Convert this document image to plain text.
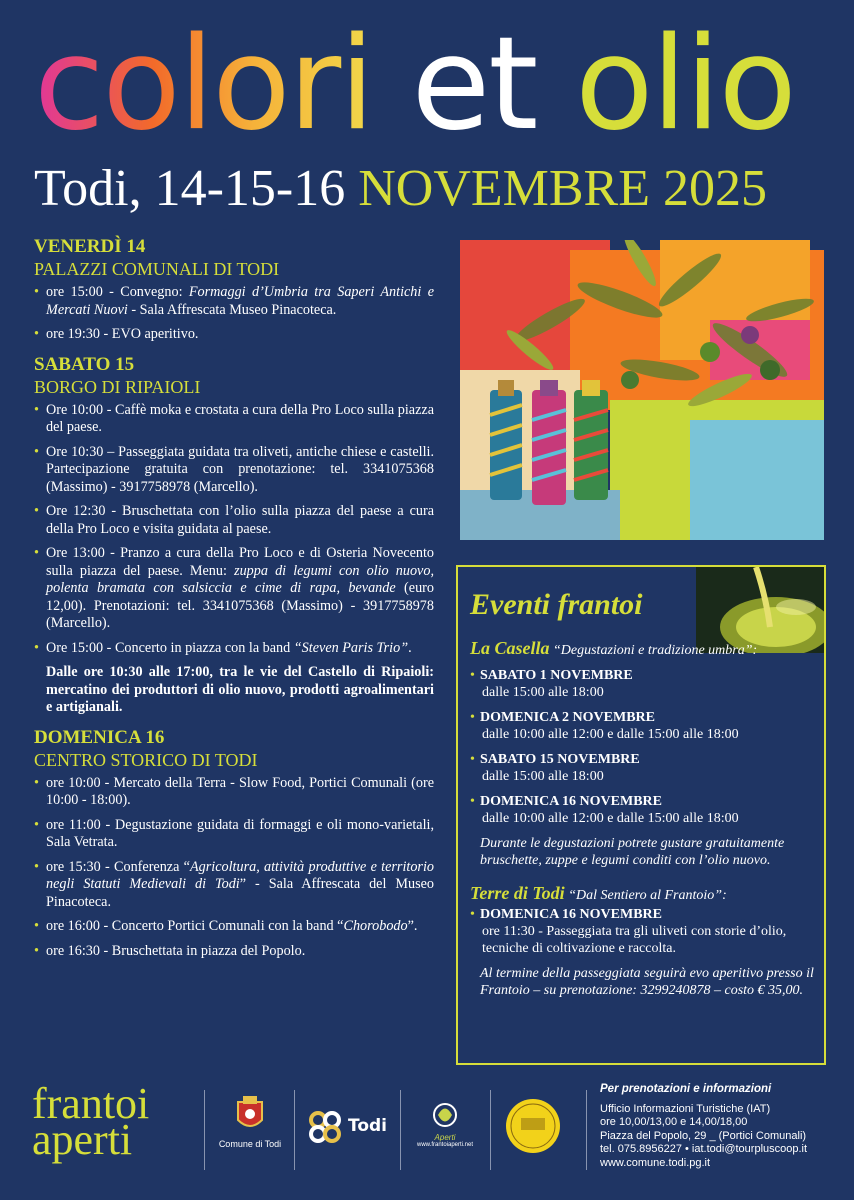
colori et olio
Todi, 14-15-16 NOVEMBRE 2025
VENERDÌ 14
PALAZZI COMUNALI DI TODI
• ore 15:00 - Convegno: Formaggi d’Umbria tra Saperi Antichi e Mercati Nuovi - Sala Affrescata Museo Pinacoteca.
• ore 19:30 - EVO aperitivo.
SABATO 15
BORGO DI RIPAIOLI
• Ore 10:00 - Caffè moka e crostata a cura della Pro Loco sulla piazza del paese.
• Ore 10:30 – Passeggiata guidata tra oliveti, antiche chiese e castelli. Partecipazione gratuita con prenotazione: tel. 3341075368 (Massimo) - 3917758978 (Marcello).
• Ore 12:30 - Bruschettata con l’olio sulla piazza del paese a cura della Pro Loco e visita guidata al paese.
• Ore 13:00 - Pranzo a cura della Pro Loco e di Osteria Novecento sulla piazza del paese. Menu: zuppa di legumi con olio nuovo, polenta bramata con salsiccia e cime di rapa, bevande (euro 12,00). Prenotazioni: tel. 3341075368 (Massimo) - 3917758978 (Marcello).
• Ore 15:00 - Concerto in piazza con la band “Steven Paris Trio”.
Dalle ore 10:30 alle 17:00, tra le vie del Castello di Ripaioli: mercatino dei produttori di olio nuovo, prodotti agroalimentari e artigianali.
DOMENICA 16
CENTRO STORICO DI TODI
• ore 10:00 - Mercato della Terra - Slow Food, Portici Comunali (ore 10:00 - 18:00).
• ore 11:00 - Degustazione guidata di formaggi e oli mono-varietali, Sala Vetrata.
• ore 15:30 - Conferenza “Agricoltura, attività produttive e territorio negli Statuti Medievali di Todi” - Sala Affrescata del Museo Pinacoteca.
• ore 16:00 - Concerto Portici Comunali con la band “Chorobodo”.
• ore 16:30 - Bruschettata in piazza del Popolo.
Eventi frantoi
La Casella “Degustazioni e tradizione umbra”:
• SABATO 1 NOVEMBRE
dalle 15:00 alle 18:00
• DOMENICA 2 NOVEMBRE
dalle 10:00 alle 12:00 e dalle 15:00 alle 18:00
• SABATO 15 NOVEMBRE
dalle 15:00 alle 18:00
• DOMENICA 16 NOVEMBRE
dalle 10:00 alle 12:00 e dalle 15:00 alle 18:00
Durante le degustazioni potrete gustare gratuitamente bruschette, zuppe e legumi conditi con l’olio nuovo.
Terre di Todi “Dal Sentiero al Frantoio”:
• DOMENICA 16 NOVEMBRE
ore 11:30 - Passeggiata tra gli uliveti con storie d’olio, tecniche di coltivazione e raccolta.
Al termine della passeggiata seguirà evo aperitivo presso il Frantoio – su prenotazione: 3299240878 – costo € 35,00.
frantoi
aperti	Comune di Todi
Todi
Aperti
www.frantoiaperti.net
Per prenotazioni e informazioni
Ufficio Informazioni Turistiche (IAT)
ore 10,00/13,00 e 14,00/18,00
Piazza del Popolo, 29 _ (Portici Comunali)
tel. 075.8956227 • iat.todi@tourpluscoop.it
www.comune.todi.pg.it
